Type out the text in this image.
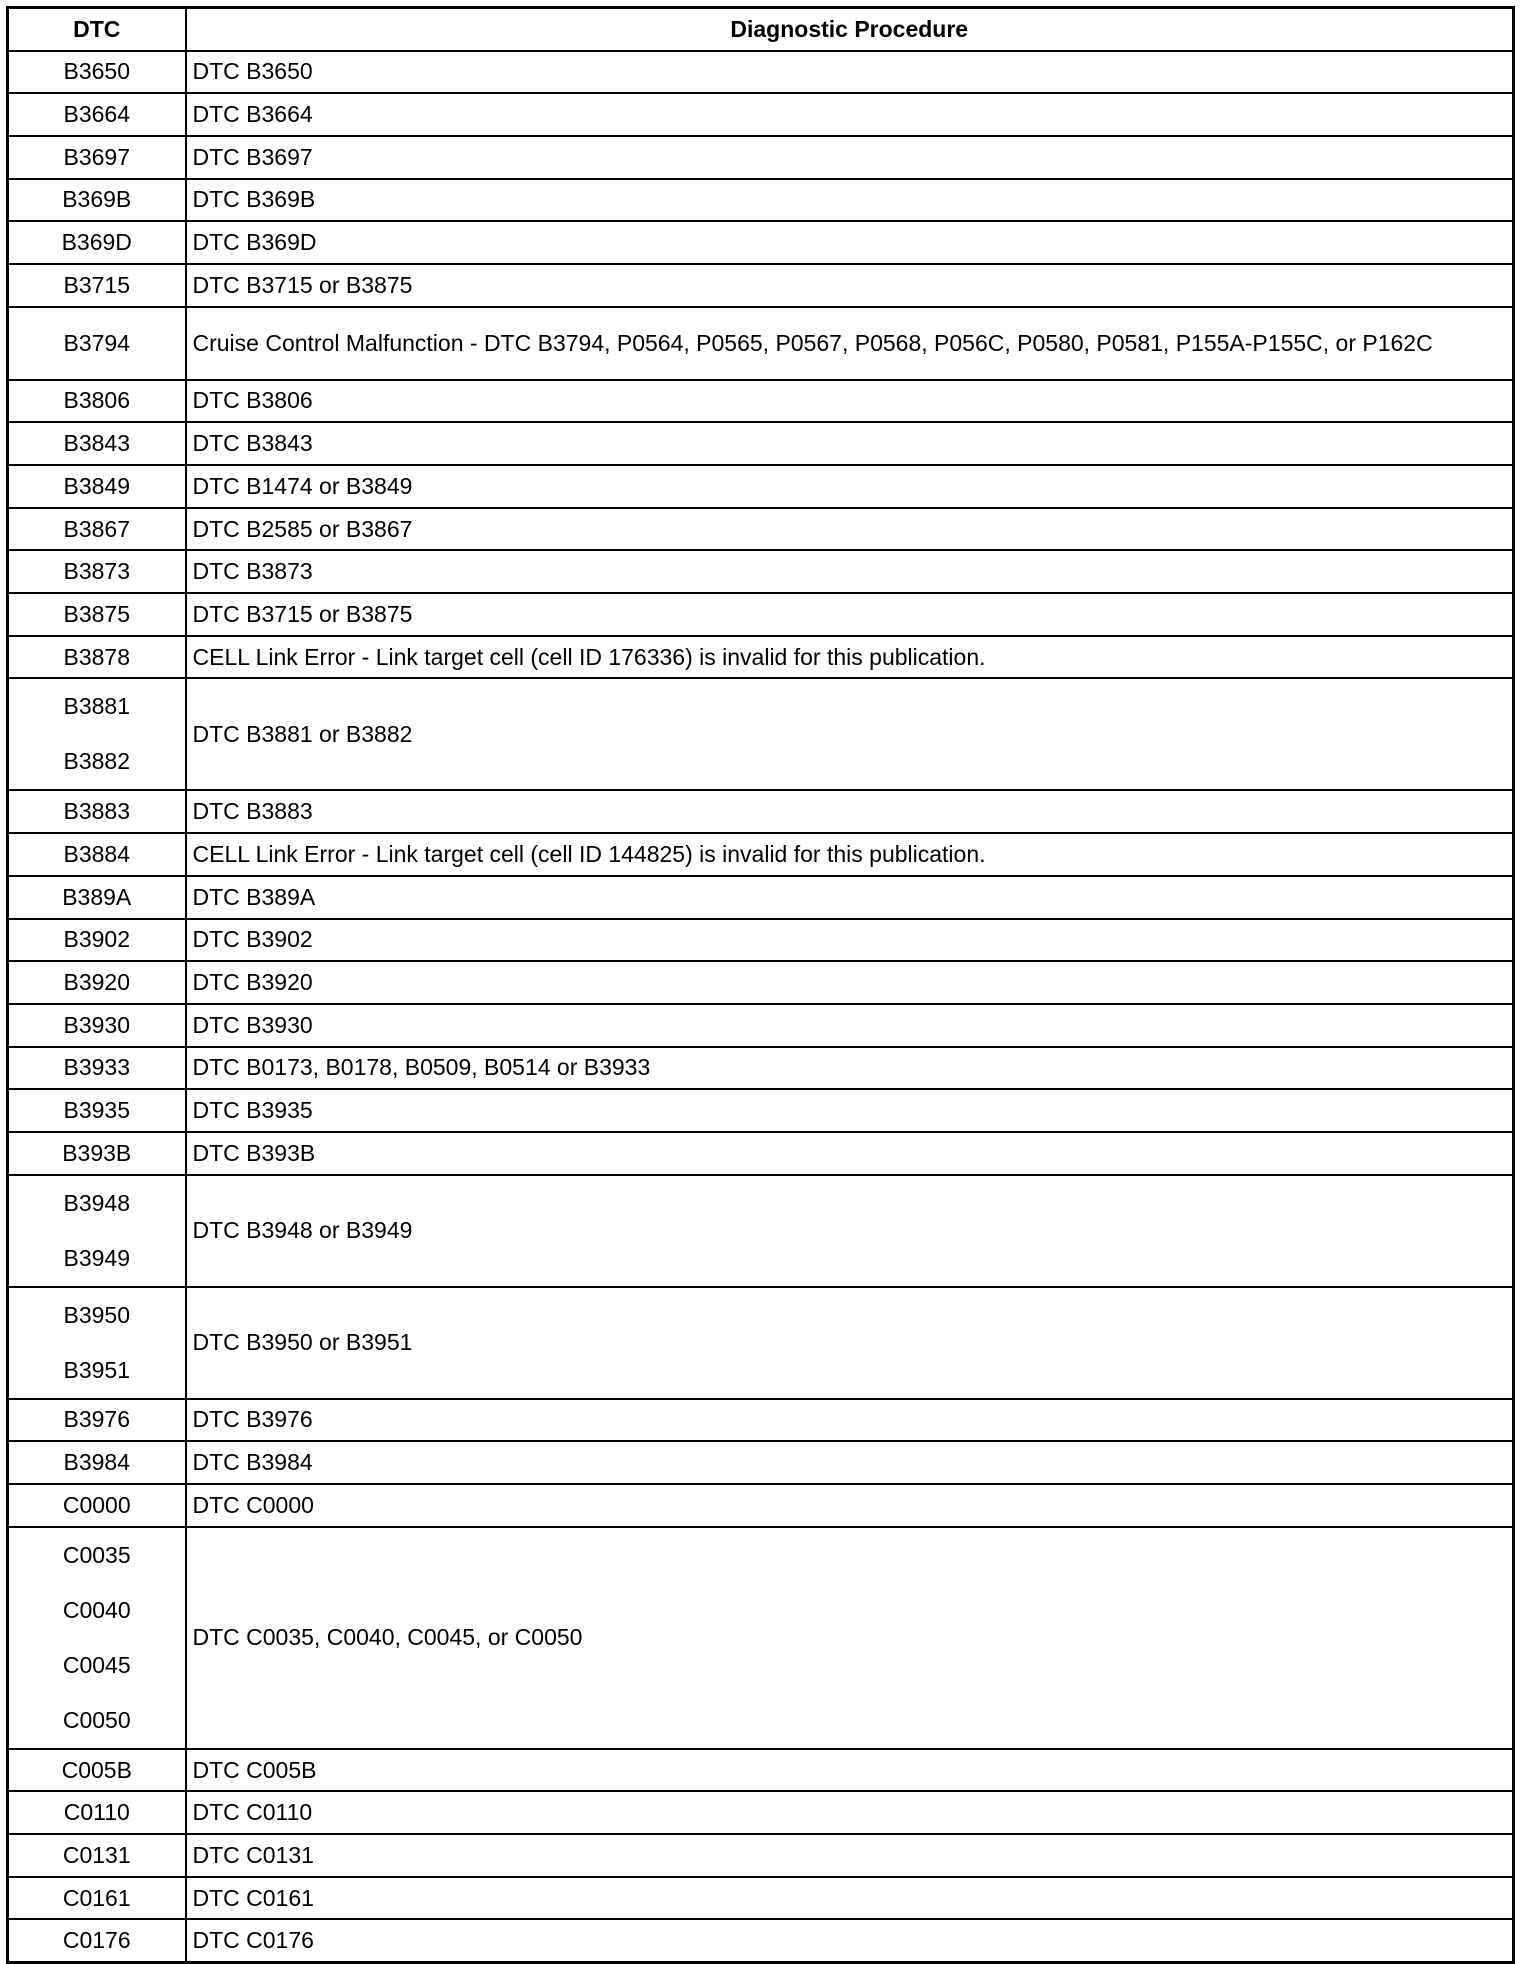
DTC	Diagnostic Procedure

B3650	DTC B3650

B3664	DTC B3664

B3697	DTC B3697

B369B	DTC B369B

B369D	DTC B369D

B3715	DTC B3715 or B3875

B3794	Cruise Control Malfunction - DTC B3794, P0564, P0565, P0567, P0568, P056C, P0580, P0581, P155A-P155C, or P162C

B3806	DTC B3806

B3843	DTC B3843

B3849	DTC B1474 or B3849

B3867	DTC B2585 or B3867

B3873	DTC B3873

B3875	DTC B3715 or B3875

B3878	CELL Link Error - Link target cell (cell ID 176336) is invalid for this publication.

B3881
B3882	DTC B3881 or B3882

B3883	DTC B3883

B3884	CELL Link Error - Link target cell (cell ID 144825) is invalid for this publication.

B389A	DTC B389A

B3902	DTC B3902

B3920	DTC B3920

B3930	DTC B3930

B3933	DTC B0173, B0178, B0509, B0514 or B3933

B3935	DTC B3935

B393B	DTC B393B

B3948
B3949	DTC B3948 or B3949

B3950
B3951	DTC B3950 or B3951

B3976	DTC B3976

B3984	DTC B3984

C0000	DTC C0000

C0035
C0040
C0045
C0050	DTC C0035, C0040, C0045, or C0050

C005B	DTC C005B

C0110	DTC C0110

C0131	DTC C0131

C0161	DTC C0161

C0176	DTC C0176
